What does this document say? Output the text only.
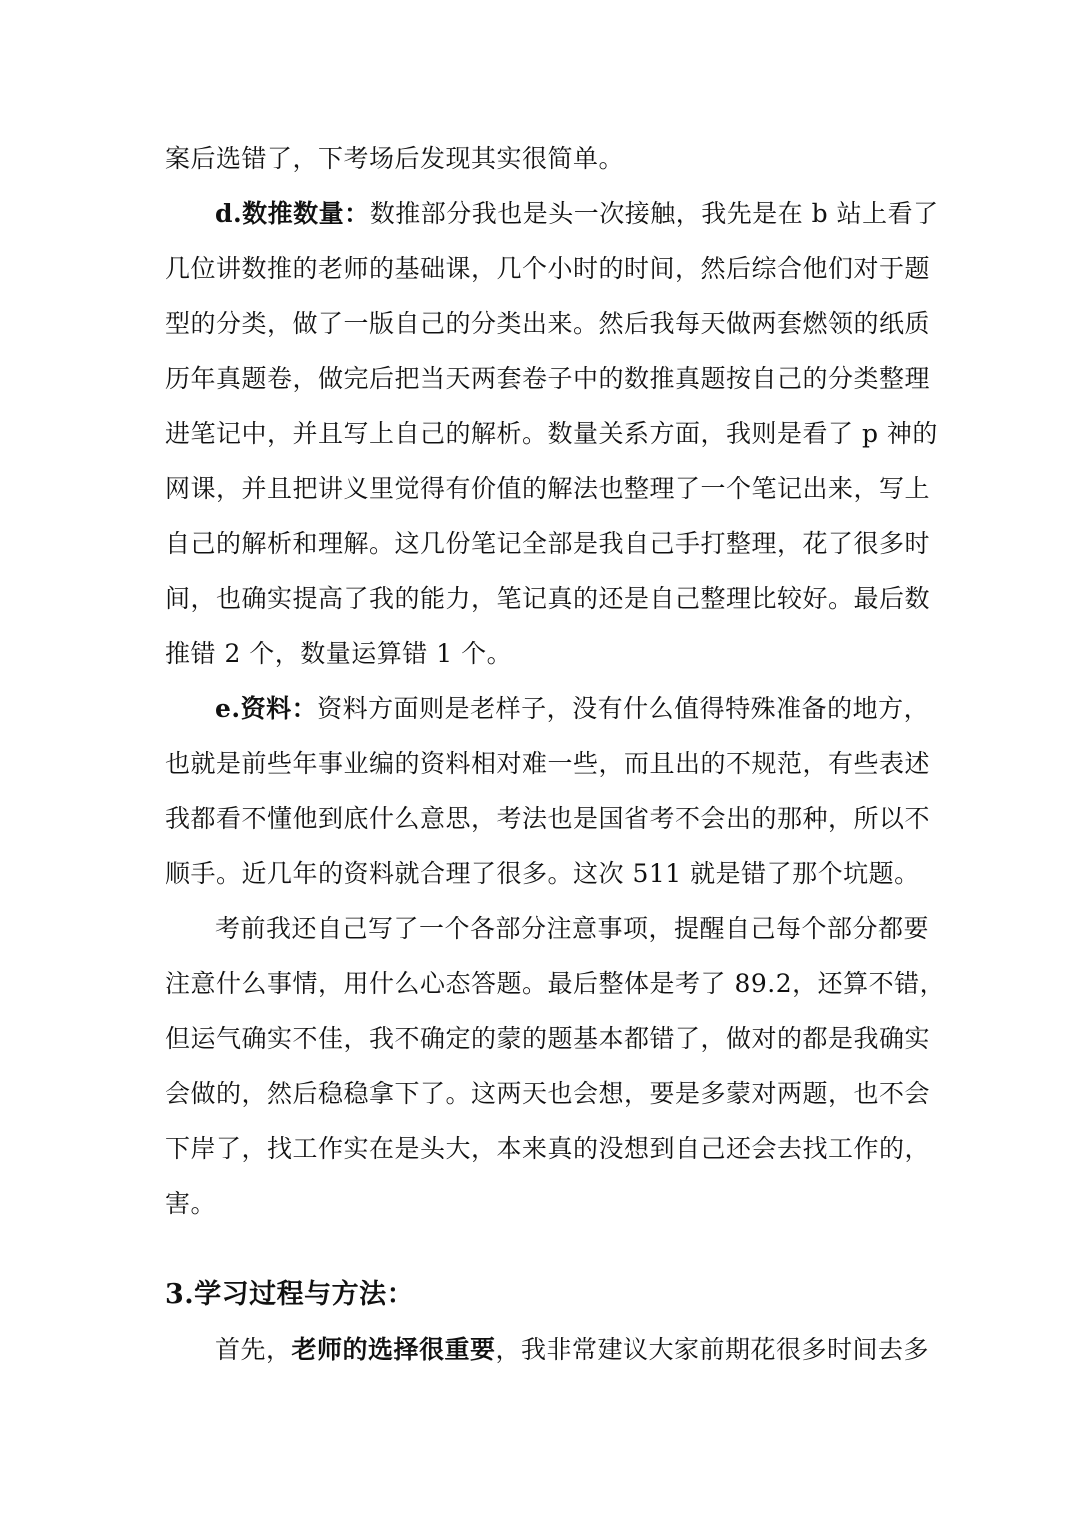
案后选错了，下考场后发现其实很简单。
d.数推数量：数推部分我也是头一次接触，我先是在 b 站上看了
几位讲数推的老师的基础课，几个小时的时间，然后综合他们对于题
型的分类，做了一版自己的分类出来。然后我每天做两套燃领的纸质
历年真题卷，做完后把当天两套卷子中的数推真题按自己的分类整理
进笔记中，并且写上自己的解析。数量关系方面，我则是看了 p 神的
网课，并且把讲义里觉得有价值的解法也整理了一个笔记出来，写上
自己的解析和理解。这几份笔记全部是我自己手打整理，花了很多时
间，也确实提高了我的能力，笔记真的还是自己整理比较好。最后数
推错 2 个，数量运算错 1 个。
e.资料：资料方面则是老样子，没有什么值得特殊准备的地方，
也就是前些年事业编的资料相对难一些，而且出的不规范，有些表述
我都看不懂他到底什么意思，考法也是国省考不会出的那种，所以不
顺手。近几年的资料就合理了很多。这次 511 就是错了那个坑题。
考前我还自己写了一个各部分注意事项，提醒自己每个部分都要
注意什么事情，用什么心态答题。最后整体是考了 89.2，还算不错，
但运气确实不佳，我不确定的蒙的题基本都错了，做对的都是我确实
会做的，然后稳稳拿下了。这两天也会想，要是多蒙对两题，也不会
下岸了，找工作实在是头大，本来真的没想到自己还会去找工作的，
害。
3.学习过程与方法：
首先，老师的选择很重要，我非常建议大家前期花很多时间去多
